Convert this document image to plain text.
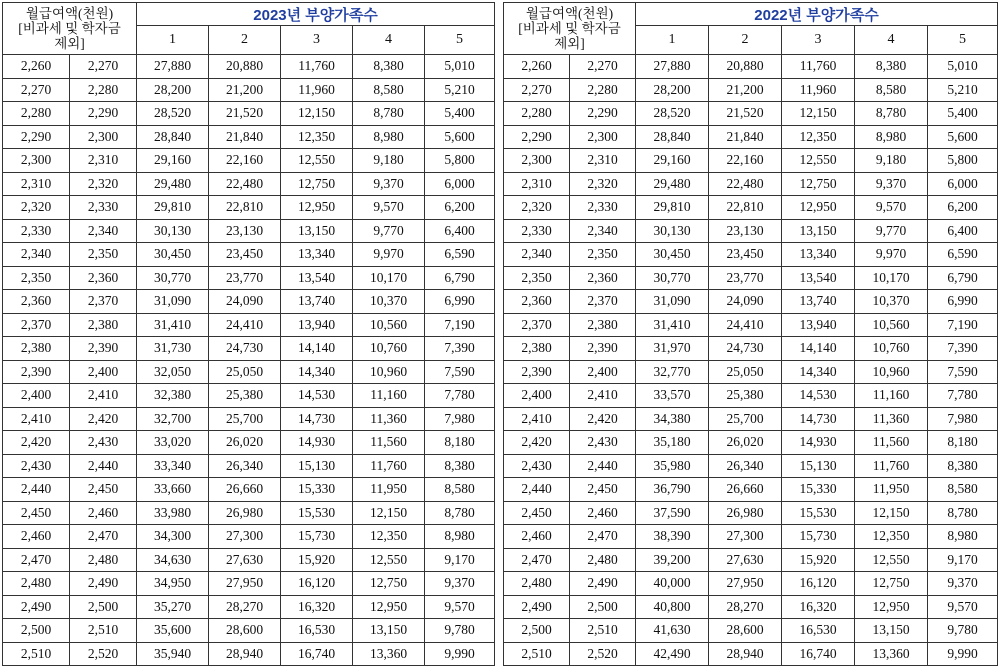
월급여액(천원)
[비과세 및 학자금
제외]		2023년 부양가족수				
		1	2	3	4	5
2,260	2,270	27,880	20,880	11,760	8,380	5,010
2,270	2,280	28,200	21,200	11,960	8,580	5,210
2,280	2,290	28,520	21,520	12,150	8,780	5,400
2,290	2,300	28,840	21,840	12,350	8,980	5,600
2,300	2,310	29,160	22,160	12,550	9,180	5,800
2,310	2,320	29,480	22,480	12,750	9,370	6,000
2,320	2,330	29,810	22,810	12,950	9,570	6,200
2,330	2,340	30,130	23,130	13,150	9,770	6,400
2,340	2,350	30,450	23,450	13,340	9,970	6,590
2,350	2,360	30,770	23,770	13,540	10,170	6,790
2,360	2,370	31,090	24,090	13,740	10,370	6,990
2,370	2,380	31,410	24,410	13,940	10,560	7,190
2,380	2,390	31,730	24,730	14,140	10,760	7,390
2,390	2,400	32,050	25,050	14,340	10,960	7,590
2,400	2,410	32,380	25,380	14,530	11,160	7,780
2,410	2,420	32,700	25,700	14,730	11,360	7,980
2,420	2,430	33,020	26,020	14,930	11,560	8,180
2,430	2,440	33,340	26,340	15,130	11,760	8,380
2,440	2,450	33,660	26,660	15,330	11,950	8,580
2,450	2,460	33,980	26,980	15,530	12,150	8,780
2,460	2,470	34,300	27,300	15,730	12,350	8,980
2,470	2,480	34,630	27,630	15,920	12,550	9,170
2,480	2,490	34,950	27,950	16,120	12,750	9,370
2,490	2,500	35,270	28,270	16,320	12,950	9,570
2,500	2,510	35,600	28,600	16,530	13,150	9,780
2,510	2,520	35,940	28,940	16,740	13,360	9,990
월급여액(천원)
[비과세 및 학자금
제외]		2022년 부양가족수				
		1	2	3	4	5
2,260	2,270	27,880	20,880	11,760	8,380	5,010
2,270	2,280	28,200	21,200	11,960	8,580	5,210
2,280	2,290	28,520	21,520	12,150	8,780	5,400
2,290	2,300	28,840	21,840	12,350	8,980	5,600
2,300	2,310	29,160	22,160	12,550	9,180	5,800
2,310	2,320	29,480	22,480	12,750	9,370	6,000
2,320	2,330	29,810	22,810	12,950	9,570	6,200
2,330	2,340	30,130	23,130	13,150	9,770	6,400
2,340	2,350	30,450	23,450	13,340	9,970	6,590
2,350	2,360	30,770	23,770	13,540	10,170	6,790
2,360	2,370	31,090	24,090	13,740	10,370	6,990
2,370	2,380	31,410	24,410	13,940	10,560	7,190
2,380	2,390	31,970	24,730	14,140	10,760	7,390
2,390	2,400	32,770	25,050	14,340	10,960	7,590
2,400	2,410	33,570	25,380	14,530	11,160	7,780
2,410	2,420	34,380	25,700	14,730	11,360	7,980
2,420	2,430	35,180	26,020	14,930	11,560	8,180
2,430	2,440	35,980	26,340	15,130	11,760	8,380
2,440	2,450	36,790	26,660	15,330	11,950	8,580
2,450	2,460	37,590	26,980	15,530	12,150	8,780
2,460	2,470	38,390	27,300	15,730	12,350	8,980
2,470	2,480	39,200	27,630	15,920	12,550	9,170
2,480	2,490	40,000	27,950	16,120	12,750	9,370
2,490	2,500	40,800	28,270	16,320	12,950	9,570
2,500	2,510	41,630	28,600	16,530	13,150	9,780
2,510	2,520	42,490	28,940	16,740	13,360	9,990
